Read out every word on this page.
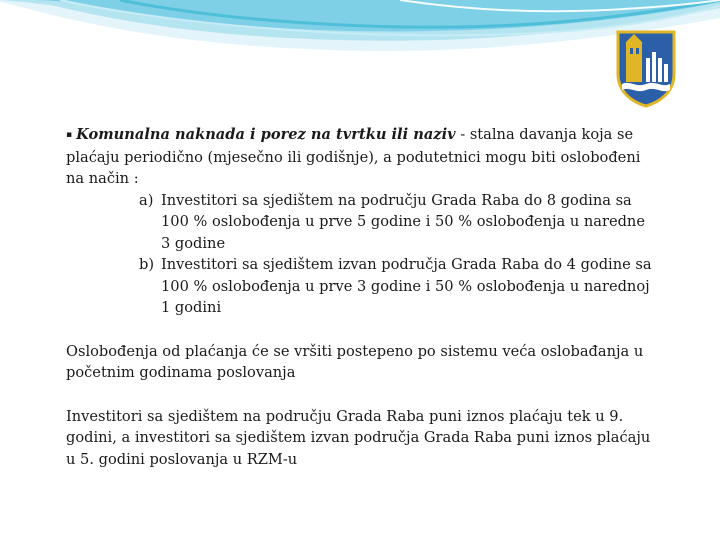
▪ Komunalna naknada i porez na tvrtku ili naziv - stalna davanja koja se plaćaju periodično (mjesečno ili godišnje), a podutetnici mogu biti oslobođeni na način :
a) Investitori sa sjedištem na području Grada Raba do 8 godina sa 100 % oslobođenja u prve 5 godine i 50 % oslobođenja u naredne 3 godine
b) Investitori sa sjedištem izvan područja Grada Raba do 4 godine sa 100 % oslobođenja u prve 3 godine i 50 % oslobođenja u narednoj 1 godini

Oslobođenja od plaćanja će se vršiti postepeno po sistemu veća oslobađanja u početnim godinama poslovanja

Investitori sa sjedištem na području Grada Raba puni iznos plaćaju tek u 9. godini, a investitori sa sjedištem izvan područja Grada Raba puni iznos plaćaju u 5. godini poslovanja u RZM-u
